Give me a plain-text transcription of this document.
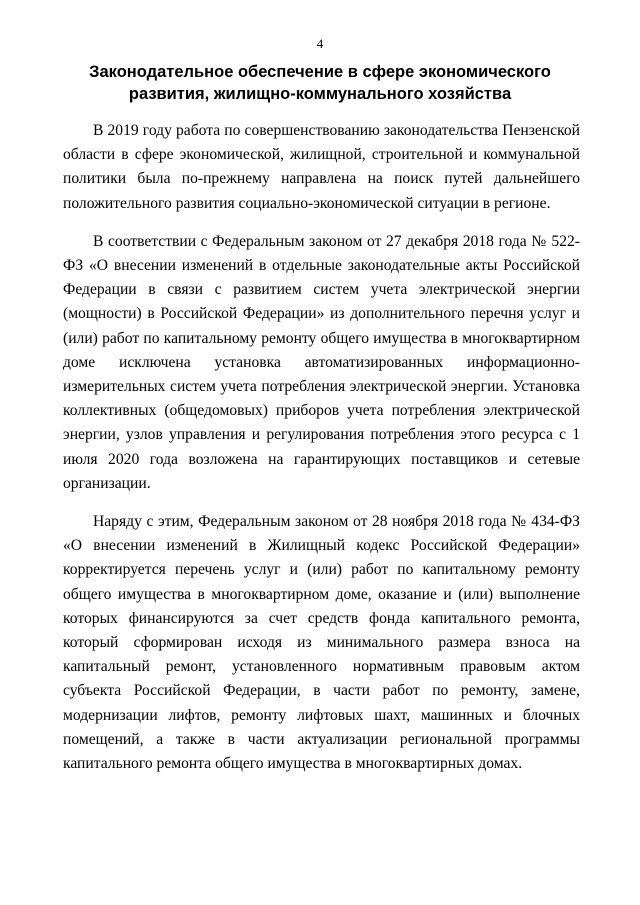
4
Законодательное обеспечение в сфере экономического развития, жилищно-коммунального хозяйства

В 2019 году работа по совершенствованию законодательства Пензенской области в сфере экономической, жилищной, строительной и коммунальной политики была по-прежнему направлена на поиск путей дальнейшего положительного развития социально-экономической ситуации в регионе.

В соответствии с Федеральным законом от 27 декабря 2018 года № 522-ФЗ «О внесении изменений в отдельные законодательные акты Российской Федерации в связи с развитием систем учета электрической энергии (мощности) в Российской Федерации» из дополнительного перечня услуг и (или) работ по капитальному ремонту общего имущества в многоквартирном доме исключена установка автоматизированных информационно-измерительных систем учета потребления электрической энергии. Установка коллективных (общедомовых) приборов учета потребления электрической энергии, узлов управления и регулирования потребления этого ресурса с 1 июля 2020 года возложена на гарантирующих поставщиков и сетевые организации.

Наряду с этим, Федеральным законом от 28 ноября 2018 года № 434-ФЗ «О внесении изменений в Жилищный кодекс Российской Федерации» корректируется перечень услуг и (или) работ по капитальному ремонту общего имущества в многоквартирном доме, оказание и (или) выполнение которых финансируются за счет средств фонда капитального ремонта, который сформирован исходя из минимального размера взноса на капитальный ремонт, установленного нормативным правовым актом субъекта Российской Федерации, в части работ по ремонту, замене, модернизации лифтов, ремонту лифтовых шахт, машинных и блочных помещений, а также в части актуализации региональной программы капитального ремонта общего имущества в многоквартирных домах.
